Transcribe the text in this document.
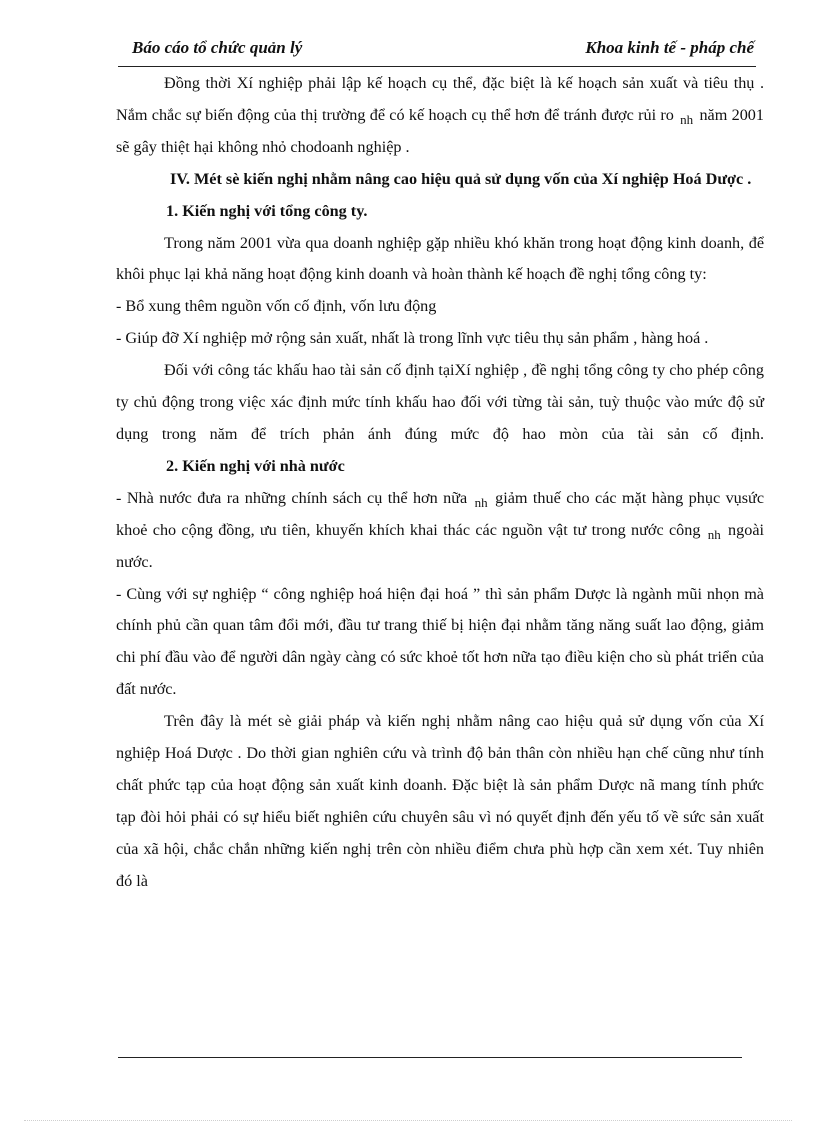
Báo cáo tổ chức quản lý	Khoa kinh tế - pháp chế

Đồng thời Xí nghiệp phải lập kế hoạch cụ thể, đặc biệt là kế hoạch sản xuất và tiêu thụ . Nắm chắc sự biến động của thị trường để có kế hoạch cụ thể hơn để tránh được rủi ro $_{nh}$ năm 2001 sẽ gây thiệt hại không nhỏ chodoanh nghiệp .

IV. Mét sè kiến nghị nhằm nâng cao hiệu quả sử dụng vốn của Xí nghiệp Hoá Dược .

1. Kiến nghị với tổng công ty.

Trong năm 2001 vừa qua doanh nghiệp gặp nhiều khó khăn trong hoạt động kinh doanh, để khôi phục lại khả năng hoạt động kinh doanh và hoàn thành kế hoạch đề nghị tổng công ty:

- Bổ xung thêm nguồn vốn cố định, vốn lưu động

- Giúp đỡ Xí nghiệp mở rộng sản xuất, nhất là trong lĩnh vực tiêu thụ sản phẩm , hàng hoá .

Đối với công tác khấu hao tài sản cố định tạiXí nghiệp , đề nghị tổng công ty cho phép công ty chủ động trong việc xác định mức tính khấu hao đối với từng tài sản, tuỳ thuộc vào mức độ sử dụng trong năm để trích phản ánh đúng mức độ hao mòn của tài sản cố định.

2. Kiến nghị với nhà nước

- Nhà nước đưa ra những chính sách cụ thể hơn nữa $_{nh}$ giảm thuế cho các mặt hàng phục vụsức khoẻ cho cộng đồng, ưu tiên, khuyến khích khai thác các nguồn vật tư trong nước công $_{nh}$ ngoài nước.

- Cùng với sự nghiệp “ công nghiệp hoá hiện đại hoá ” thì sản phẩm Dược là ngành mũi nhọn mà chính phủ cần quan tâm đổi mới, đầu tư trang thiế bị hiện đại nhằm tăng năng suất lao động, giảm chi phí đầu vào để người dân ngày càng có sức khoẻ tốt hơn nữa tạo điều kiện cho sù phát triển của đất nước.

Trên đây là mét sè giải pháp và kiến nghị nhằm nâng cao hiệu quả sử dụng vốn của Xí nghiệp Hoá Dược . Do thời gian nghiên cứu và trình độ bản thân còn nhiều hạn chế cũng như tính chất phức tạp của hoạt động sản xuất kinh doanh. Đặc biệt là sản phẩm Dược nã mang tính phức tạp đòi hỏi phải có sự hiểu biết nghiên cứu chuyên sâu vì nó quyết định đến yếu tố về sức sản xuất của xã hội, chắc chắn những kiến nghị trên còn nhiều điểm chưa phù hợp cần xem xét. Tuy nhiên đó là
